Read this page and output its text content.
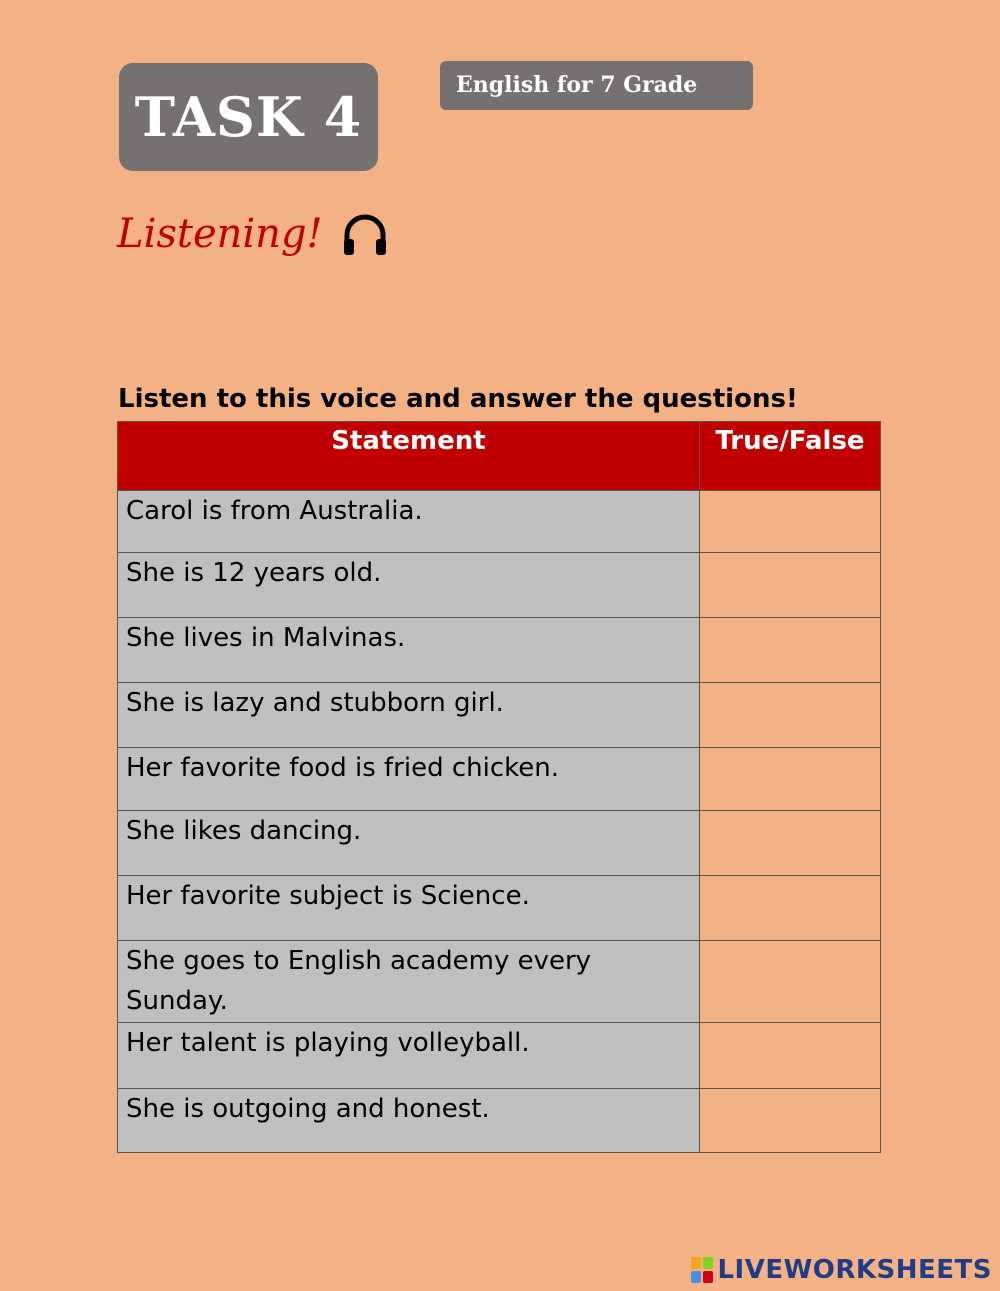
TASK 4	English for 7 Grade
Listening!
Listen to this voice and answer the questions!
Statement	True/False
Carol is from Australia.	
She is 12 years old.	
She lives in Malvinas.	
She is lazy and stubborn girl.	
Her favorite food is fried chicken.	
She likes dancing.	
Her favorite subject is Science.	
She goes to English academy every Sunday.	
Her talent is playing volleyball.	
She is outgoing and honest.	
LIVEWORKSHEETS
